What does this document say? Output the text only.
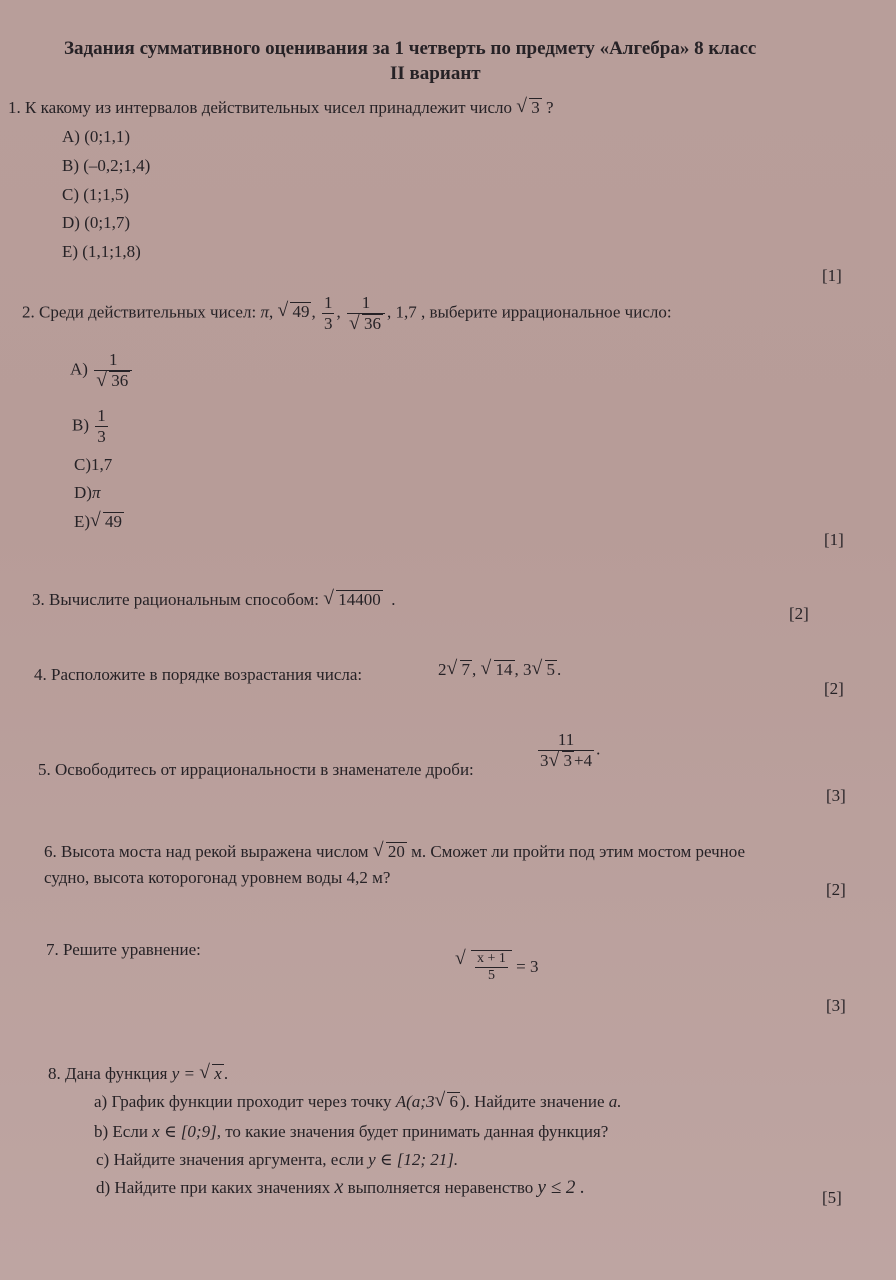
Задания суммативного оценивания за 1 четверть по предмету «Алгебра» 8 класс
II вариант
1. К какому из интервалов действительных чисел принадлежит число √ 3 ?
A) (0;1,1)
B) (–0,2;1,4)
C) (1;1,5)
D) (0;1,7)
E) (1,1;1,8)
[1]
2. Среди действительных чисел: π, √ 49 , $\frac{1}{3}$ , 1
√ 36 , 1,7 , выберите иррациональное число:
A) 1
√ 36
$B) \frac{1}{3}$
C)1,7
D)π
E) √ 49
[1]
3. Вычислите рациональным способом: √ 14400 .
[2]
4. Расположите в порядке возрастания числа:	2 √ 7 , √ 14 , 3 √ 5 .
[2]
5. Освободитесь от иррациональности в знаменателе дроби:	$\frac{11}{3 √ 3 +4}$ .
[3]
6. Высота моста над рекой выражена числом √ 20 м. Сможет ли пройти под этим мостом речное
судно, высота которогонад уровнем воды 4,2 м?
[2]
7. Решите уравнение:
√ $\frac{x + 1}{5} = 3$
[3]
8. Дана функция y = √ x .
a) График функции проходит через точку A(a;3 √ 6 ). Найдите значение a.
b) Если x ∈ [0;9], то какие значения будет принимать данная функция?
c) Найдите значения аргумента, если y ∈ [12; 21].
d) Найдите при каких значениях x выполняется неравенство y ≤ 2 .	[5]
